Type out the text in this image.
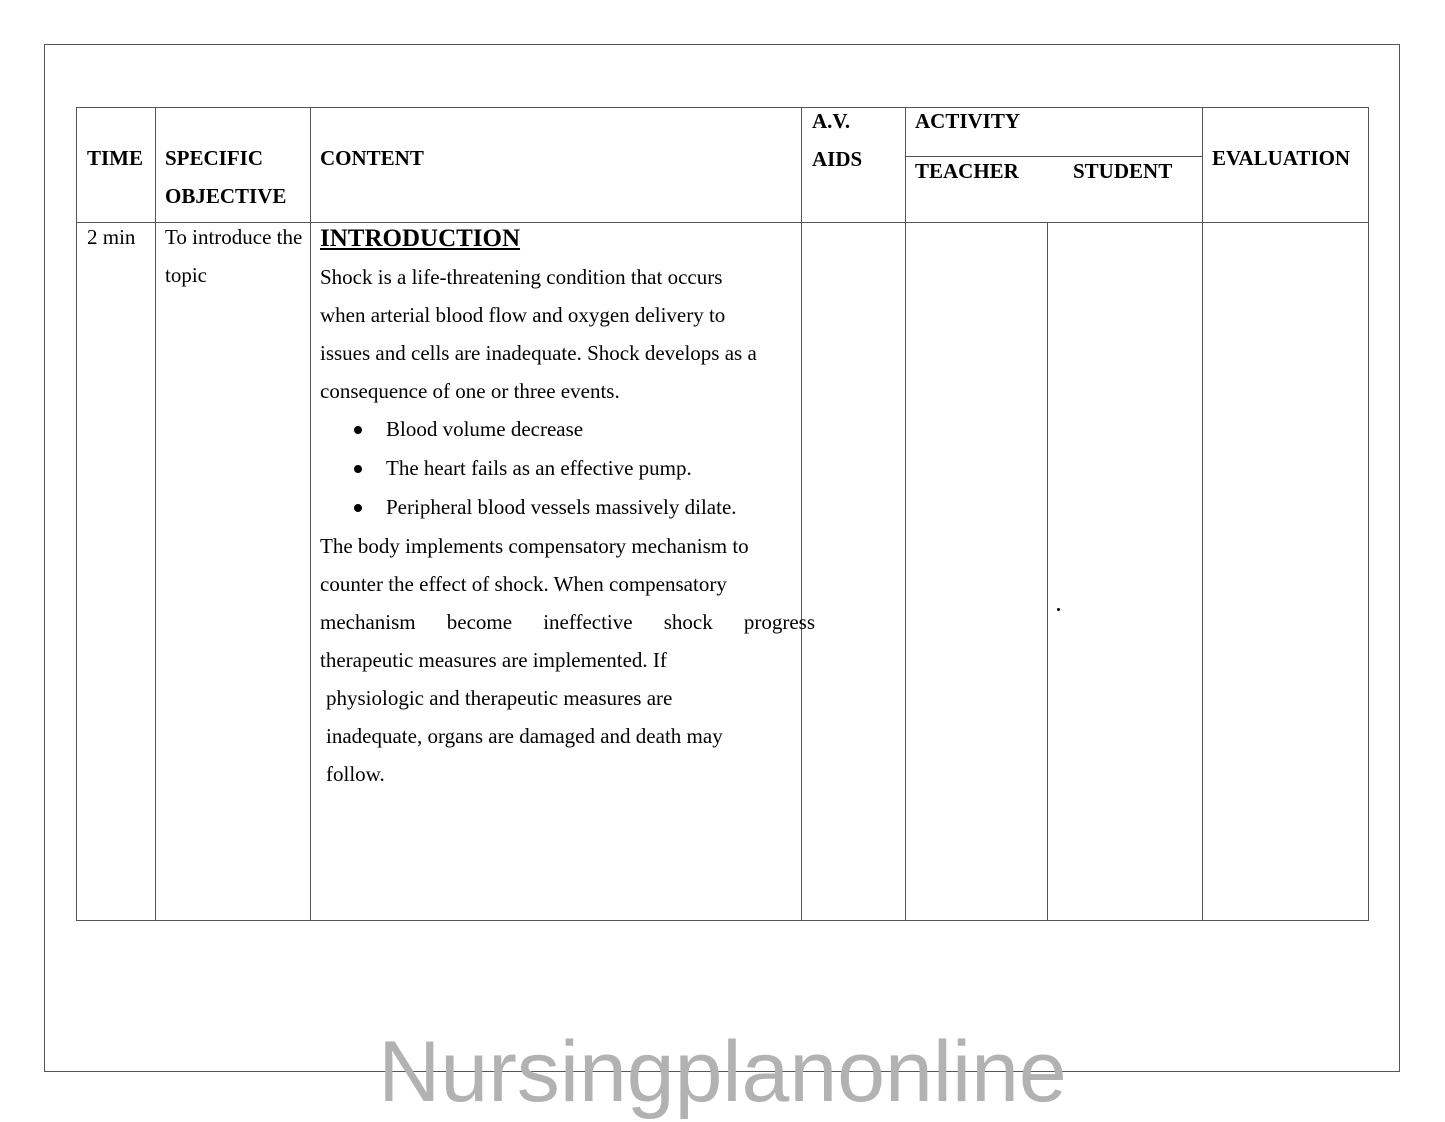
TIME SPECIFIC
OBJECTIVE
CONTENT
A.V.
AIDS
ACTIVITY
TEACHER	STUDENT
EVALUATION
2 min To introduce the
topic
INTRODUCTION
Shock is a life-threatening condition that occurs
when arterial blood flow and oxygen delivery to
issues and cells are inadequate. Shock develops as a
consequence of one or three events.
Blood volume decrease
The heart fails as an effective pump.
Peripheral blood vessels massively dilate.
The body implements compensatory mechanism to
counter the effect of shock. When compensatory
mechanism become ineffective shock progress
therapeutic measures are implemented. If
physiologic and therapeutic measures are
inadequate, organs are damaged and death may
follow.
Nursingplanonline
